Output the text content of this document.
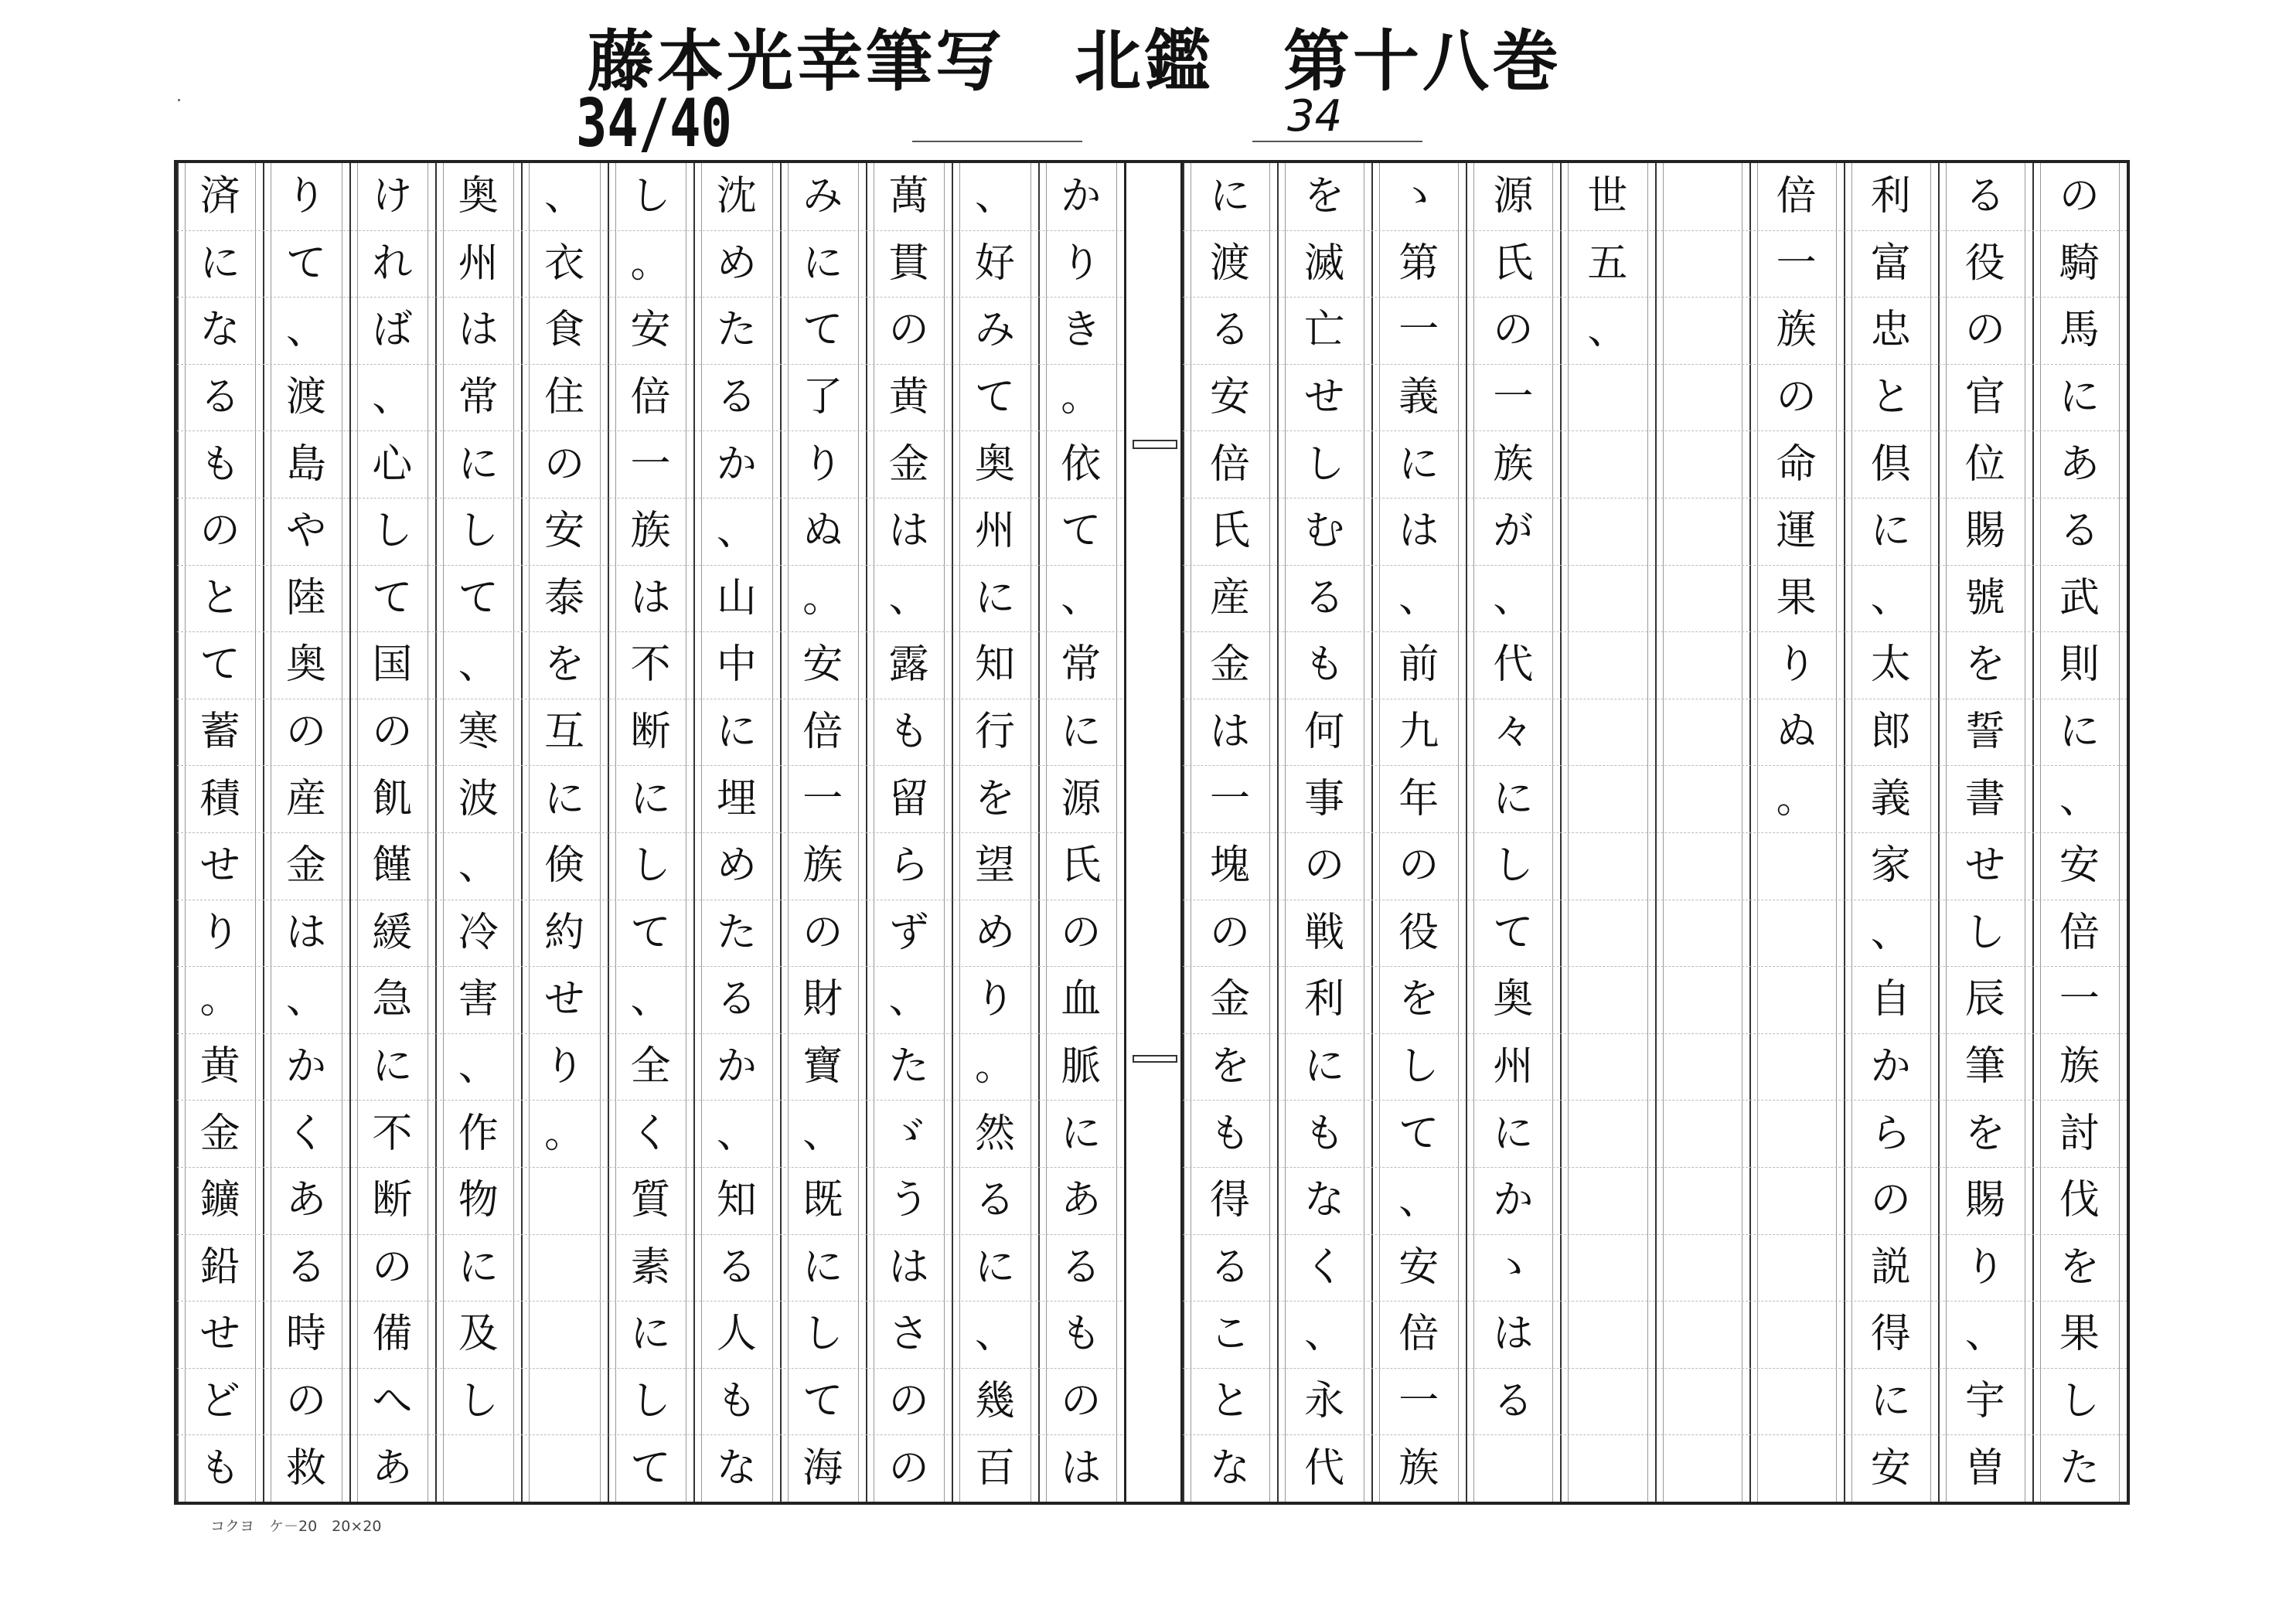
藤本光幸筆写　北鑑　第十八巻
34/40	34
の
騎
馬
に
あ
る
武
則
に
、
安
倍
一
族
討
伐
を
果
し
た
る
役
の
官
位
賜
號
を
誓
書
せ
し
辰
筆
を
賜
り
、
宇
曽
利
富
忠
と
倶
に
、
太
郎
義
家
、
自
か
ら
の
説
得
に
安
倍
一
族
の
命
運
果
り
ぬ
。
世
五
、
源
氏
の
一
族
が
、
代
々
に
し
て
奥
州
に
か
ゝ
は
る
ゝ
第
一
義
に
は
、
前
九
年
の
役
を
し
て
、
安
倍
一
族
を
滅
亡
せ
し
む
る
も
何
事
の
戦
利
に
も
な
く
、
永
代
に
渡
る
安
倍
氏
産
金
は
一
塊
の
金
を
も
得
る
こ
と
な
か
り
き
。
依
て
、
常
に
源
氏
の
血
脈
に
あ
る
も
の
は
、
好
み
て
奥
州
に
知
行
を
望
め
り
。
然
る
に
、
幾
百
萬
貫
の
黄
金
は
、
露
も
留
ら
ず
、
た
ゞ
う
は
さ
の
の
み
に
て
了
り
ぬ
。
安
倍
一
族
の
財
寶
、
既
に
し
て
海
沈
め
た
る
か
、
山
中
に
埋
め
た
る
か
、
知
る
人
も
な
し
。
安
倍
一
族
は
不
断
に
し
て
、
全
く
質
素
に
し
て
、
衣
食
住
の
安
泰
を
互
に
倹
約
せ
り
。
奥
州
は
常
に
し
て
、
寒
波
、
冷
害
、
作
物
に
及
し
け
れ
ば
、
心
し
て
国
の
飢
饉
緩
急
に
不
断
の
備
へ
あ
り
て
、
渡
島
や
陸
奥
の
産
金
は
、
か
く
あ
る
時
の
救
済
に
な
る
も
の
と
て
蓄
積
せ
り
。
黄
金
鑛
鉛
せ
ど
も
コクヨ　ケ－20　20×20
